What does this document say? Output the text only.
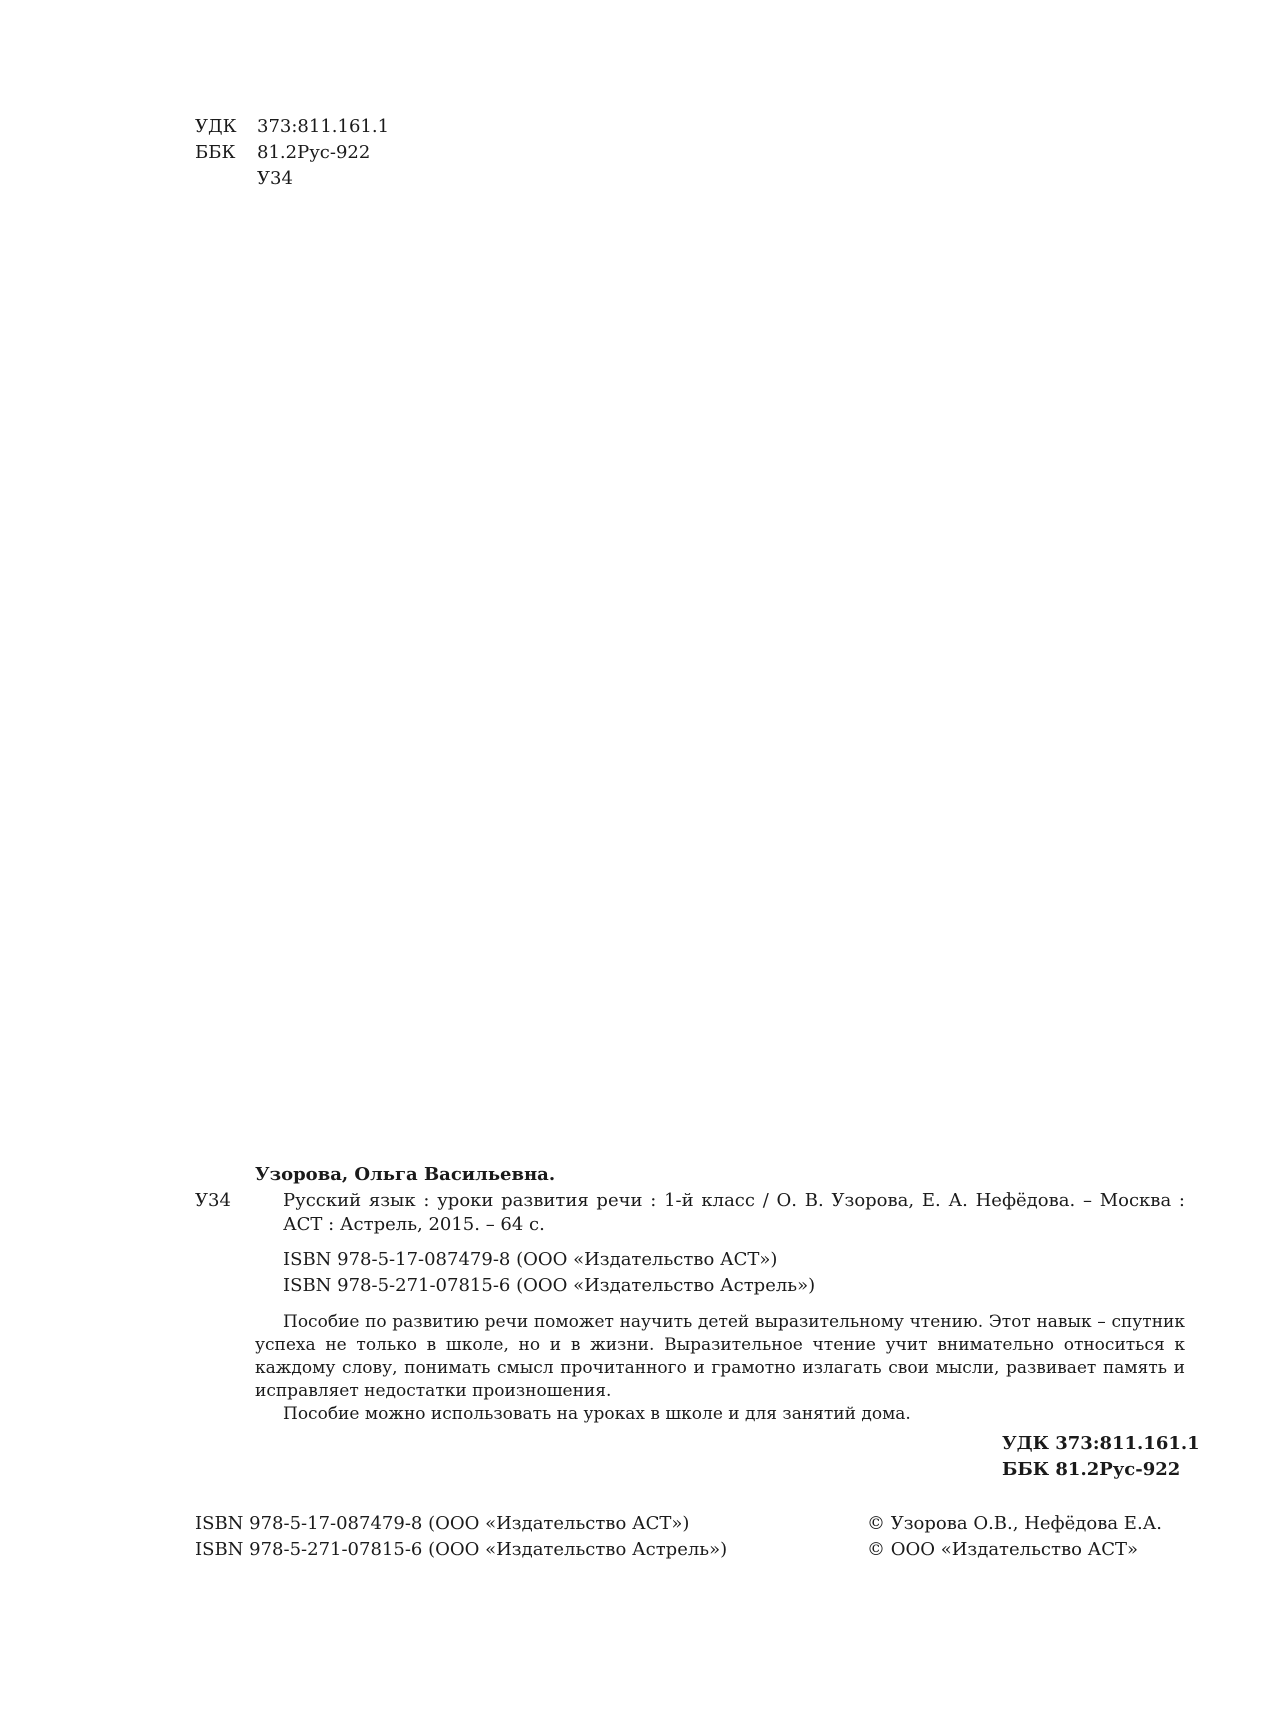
УДК 373:811.161.1
ББК 81.2Рус-922
У34
Узорова, Ольга Васильевна.
У34	Русский язык : уроки развития речи : 1-й класс / О. В. Узорова, Е. А. Нефёдова. – Москва : АСТ : Астрель, 2015. – 64 с.
ISBN 978-5-17-087479-8 (ООО «Издательство АСТ»)
ISBN 978-5-271-07815-6 (ООО «Издательство Астрель»)

Пособие по развитию речи поможет научить детей выразительному чтению. Этот навык – спутник успеха не только в школе, но и в жизни. Выразительное чтение учит внимательно относиться к каждому слову, понимать смысл прочитанного и грамотно излагать свои мысли, развивает память и исправляет недостатки произношения.

Пособие можно использовать на уроках в школе и для занятий дома.

УДК 373:811.161.1
ББК 81.2Рус-922
ISBN 978-5-17-087479-8 (ООО «Издательство АСТ»)
ISBN 978-5-271-07815-6 (ООО «Издательство Астрель»)
© Узорова О.В., Нефёдова Е.А.
© ООО «Издательство АСТ»
